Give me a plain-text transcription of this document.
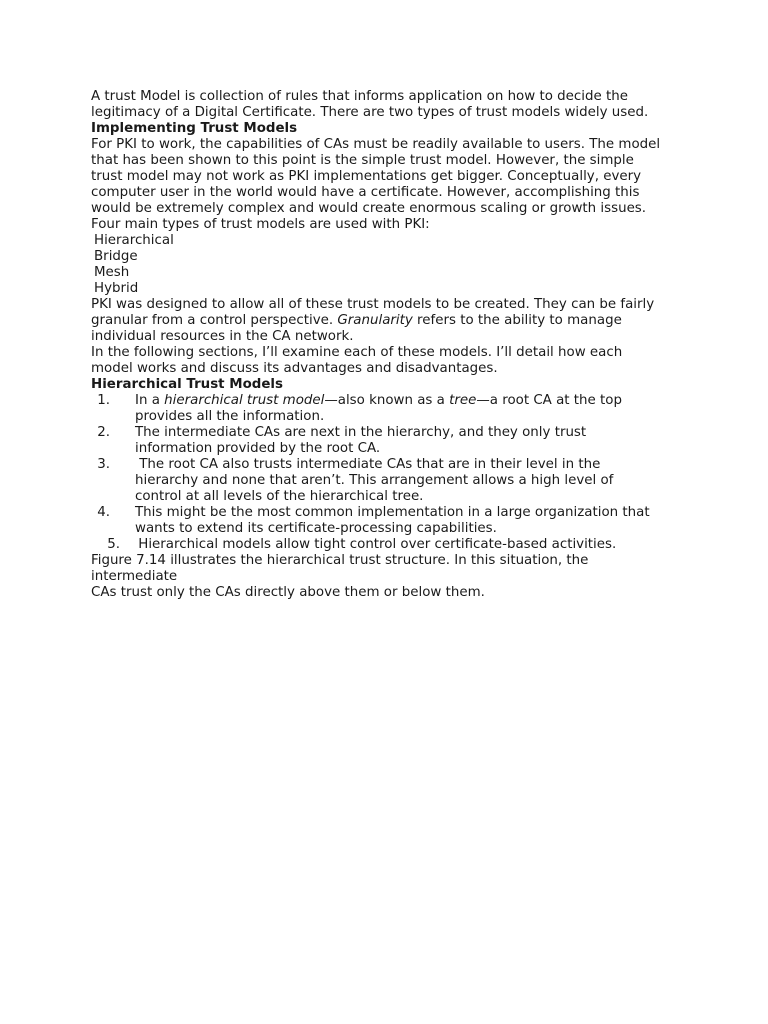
A trust Model is collection of rules that informs application on how to decide the
legitimacy of a Digital Certificate. There are two types of trust models widely used.
Implementing Trust Models
For PKI to work, the capabilities of CAs must be readily available to users. The model
that has been shown to this point is the simple trust model. However, the simple
trust model may not work as PKI implementations get bigger. Conceptually, every
computer user in the world would have a certificate. However, accomplishing this
would be extremely complex and would create enormous scaling or growth issues.
Four main types of trust models are used with PKI:
Hierarchical
Bridge
Mesh
Hybrid
PKI was designed to allow all of these trust models to be created. They can be fairly
granular from a control perspective. Granularity refers to the ability to manage
individual resources in the CA network.
In the following sections, I’ll examine each of these models. I’ll detail how each
model works and discuss its advantages and disadvantages.
Hierarchical Trust Models
1.	In a hierarchical trust model—also known as a tree—a root CA at the top
provides all the information.
2.	The intermediate CAs are next in the hierarchy, and they only trust
information provided by the root CA.
3.	The root CA also trusts intermediate CAs that are in their level in the
hierarchy and none that aren’t. This arrangement allows a high level of
control at all levels of the hierarchical tree.
4.	This might be the most common implementation in a large organization that
wants to extend its certificate-processing capabilities.
5.	Hierarchical models allow tight control over certificate-based activities.
Figure 7.14 illustrates the hierarchical trust structure. In this situation, the
intermediate
CAs trust only the CAs directly above them or below them.
